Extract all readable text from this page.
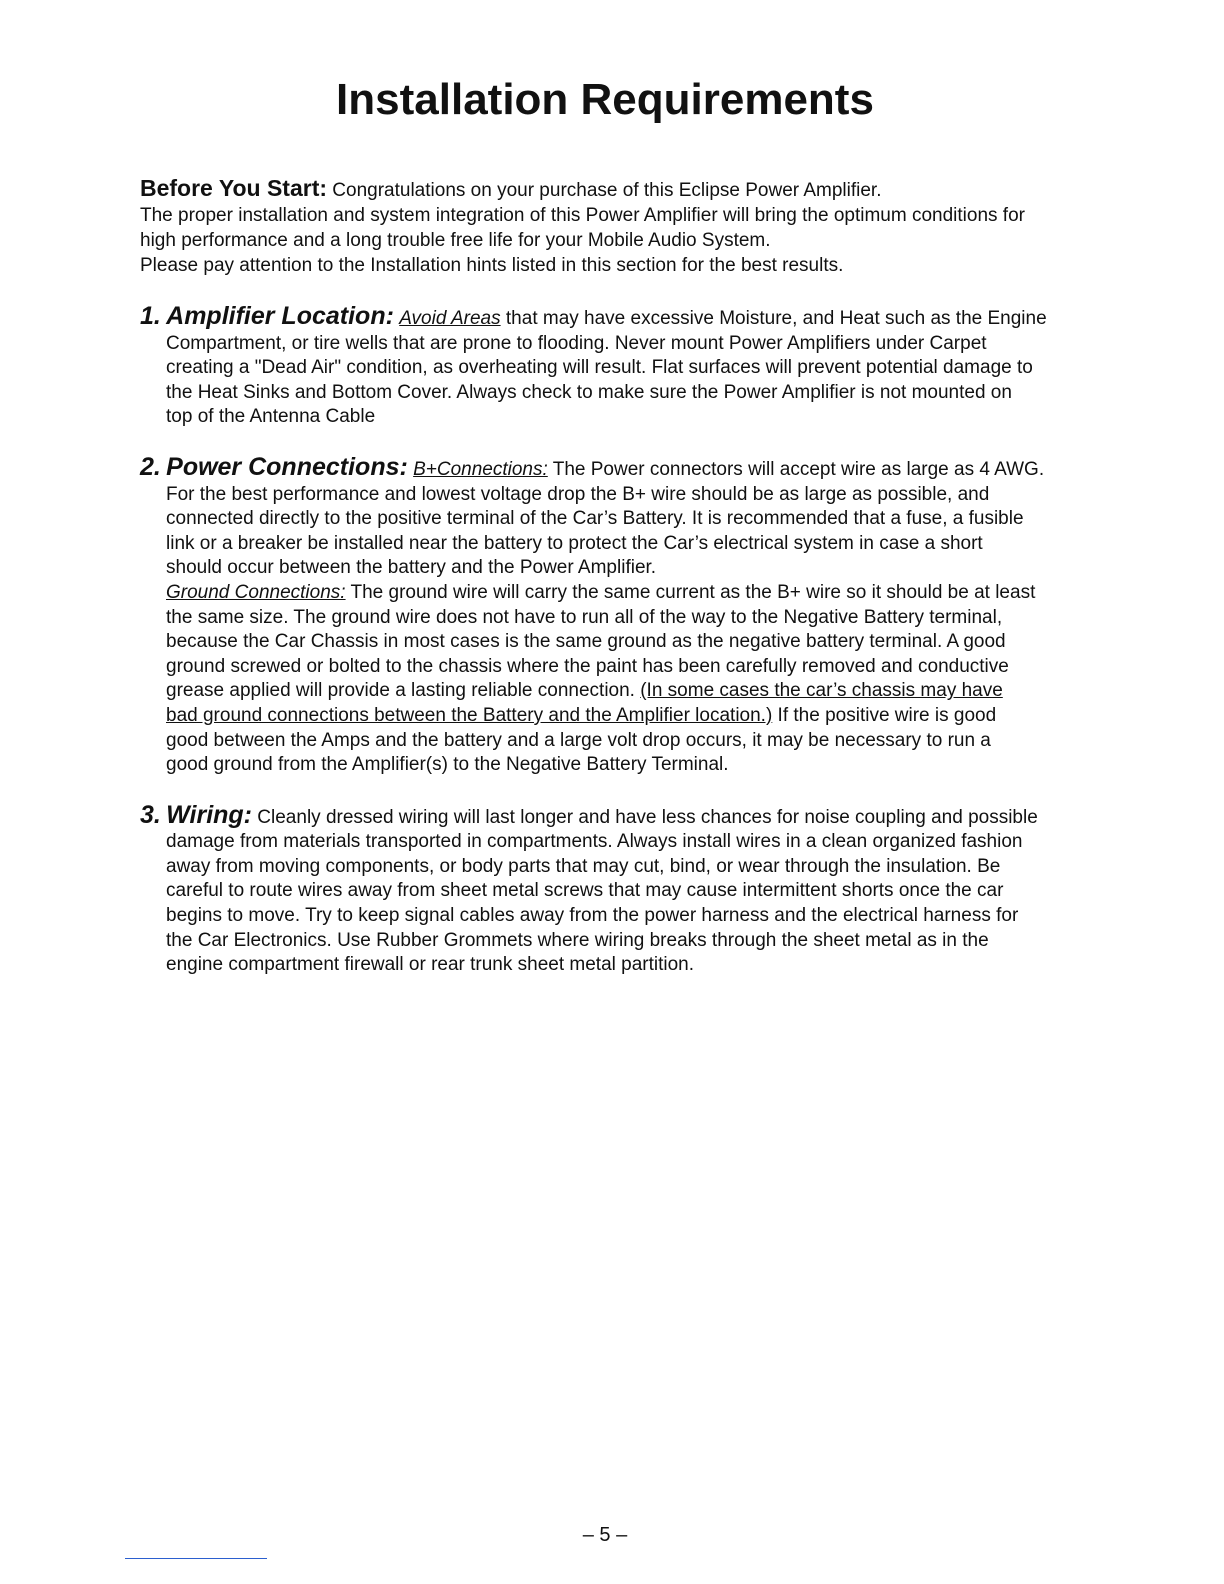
Installation Requirements
Before You Start: Congratulations on your purchase of this Eclipse Power Amplifier.
The proper installation and system integration of this Power Amplifier will bring the optimum conditions for
high performance and a long trouble free life for your Mobile Audio System.
Please pay attention to the Installation hints listed in this section for the best results.
1. Amplifier Location: Avoid Areas that may have excessive Moisture, and Heat such as the Engine
Compartment, or tire wells that are prone to flooding. Never mount Power Amplifiers under Carpet
creating a "Dead Air" condition, as overheating will result. Flat surfaces will prevent potential damage to
the Heat Sinks and Bottom Cover. Always check to make sure the Power Amplifier is not mounted on
top of the Antenna Cable
2. Power Connections: B+Connections: The Power connectors will accept wire as large as 4 AWG.
For the best performance and lowest voltage drop the B+ wire should be as large as possible, and
connected directly to the positive terminal of the Car’s Battery. It is recommended that a fuse, a fusible
link or a breaker be installed near the battery to protect the Car’s electrical system in case a short
should occur between the battery and the Power Amplifier.
Ground Connections: The ground wire will carry the same current as the B+ wire so it should be at least
the same size. The ground wire does not have to run all of the way to the Negative Battery terminal,
because the Car Chassis in most cases is the same ground as the negative battery terminal. A good
ground screwed or bolted to the chassis where the paint has been carefully removed and conductive
grease applied will provide a lasting reliable connection. (In some cases the car’s chassis may have
bad ground connections between the Battery and the Amplifier location.) If the positive wire is good
good between the Amps and the battery and a large volt drop occurs, it may be necessary to run a
good ground from the Amplifier(s) to the Negative Battery Terminal.
3. Wiring: Cleanly dressed wiring will last longer and have less chances for noise coupling and possible
damage from materials transported in compartments. Always install wires in a clean organized fashion
away from moving components, or body parts that may cut, bind, or wear through the insulation. Be
careful to route wires away from sheet metal screws that may cause intermittent shorts once the car
begins to move. Try to keep signal cables away from the power harness and the electrical harness for
the Car Electronics. Use Rubber Grommets where wiring breaks through the sheet metal as in the
engine compartment firewall or rear trunk sheet metal partition.
– 5 –
